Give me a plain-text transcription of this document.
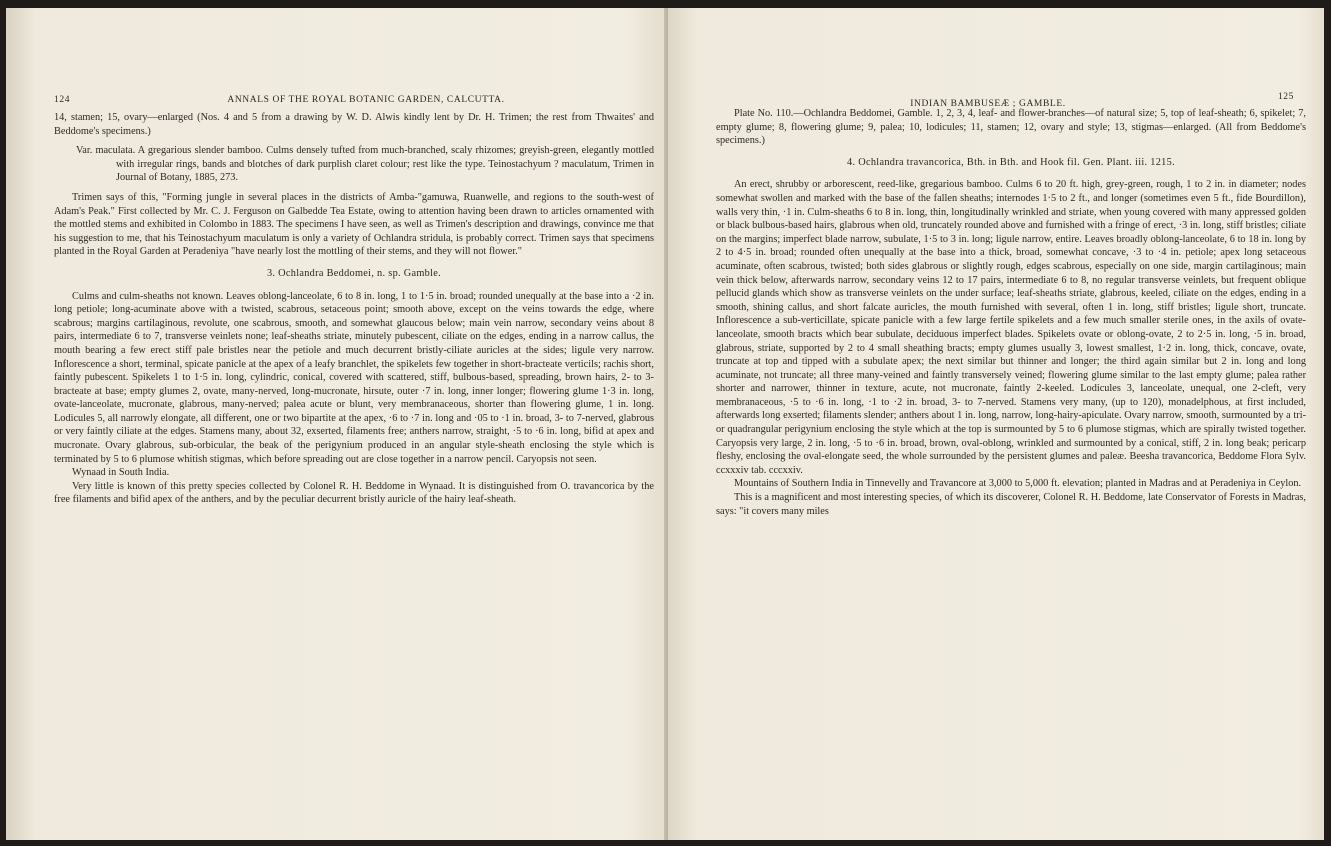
124	ANNALS OF THE ROYAL BOTANIC GARDEN, CALCUTTA.

14, stamen; 15, ovary—enlarged (Nos. 4 and 5 from a drawing by W. D. Alwis kindly lent by Dr. H. Trimen; the rest from Thwaites' and Beddome's specimens.)

Var. maculata. A gregarious slender bamboo. Culms densely tufted from much-branched, scaly rhizomes; greyish-green, elegantly mottled with irregular rings, bands and blotches of dark purplish claret colour; rest like the type. Teinostachyum ? maculatum, Trimen in Journal of Botany, 1885, 273.

Trimen says of this, "Forming jungle in several places in the districts of Amba-"gamuwa, Ruanwelle, and regions to the south-west of Adam's Peak." First collected by Mr. C. J. Ferguson on Galbedde Tea Estate, owing to attention having been drawn to articles ornamented with the mottled stems and exhibited in Colombo in 1883. The specimens I have seen, as well as Trimen's description and drawings, convince me that his suggestion to me, that his Teinostachyum maculatum is only a variety of Ochlandra stridula, is probably correct. Trimen says that specimens planted in the Royal Garden at Peradeniya "have nearly lost the mottling of their stems, and they will not flower."

3. Ochlandra Beddomei, n. sp. Gamble.

Culms and culm-sheaths not known. Leaves oblong-lanceolate, 6 to 8 in. long, 1 to 1·5 in. broad; rounded unequally at the base into a ·2 in. long petiole; long-acuminate above with a twisted, scabrous, setaceous point; smooth above, except on the veins towards the edge, where scabrous; margins cartilaginous, revolute, one scabrous, smooth, and somewhat glaucous below; main vein narrow, secondary veins about 8 pairs, intermediate 6 to 7, transverse veinlets none; leaf-sheaths striate, minutely pubescent, ciliate on the edges, ending in a narrow callus, the mouth bearing a few erect stiff pale bristles near the petiole and much decurrent bristly-ciliate auricles at the sides; ligule very narrow. Inflorescence a short, terminal, spicate panicle at the apex of a leafy branchlet, the spikelets few together in short-bracteate verticils; rachis short, faintly pubescent. Spikelets 1 to 1·5 in. long, cylindric, conical, covered with scattered, stiff, bulbous-based, spreading, brown hairs, 2- to 3- bracteate at base; empty glumes 2, ovate, many-nerved, long-mucronate, hirsute, outer ·7 in. long, inner longer; flowering glume 1·3 in. long, ovate-lanceolate, mucronate, glabrous, many-nerved; palea acute or blunt, very membranaceous, shorter than flowering glume, 1 in. long. Lodicules 5, all narrowly elongate, all different, one or two bipartite at the apex, ·6 to ·7 in. long and ·05 to ·1 in. broad, 3- to 7-nerved, glabrous or very faintly ciliate at the edges. Stamens many, about 32, exserted, filaments free; anthers narrow, straight, ·5 to ·6 in. long, bifid at apex and mucronate. Ovary glabrous, sub-orbicular, the beak of the perigynium produced in an angular style-sheath enclosing the style which is terminated by 5 to 6 plumose whitish stigmas, which before spreading out are close together in a narrow pencil. Caryopsis not seen.

Wynaad in South India.

Very little is known of this pretty species collected by Colonel R. H. Beddome in Wynaad. It is distinguished from O. travancorica by the free filaments and bifid apex of the anthers, and by the peculiar decurrent bristly auricle of the hairy leaf-sheath.

INDIAN BAMBUSEÆ ; GAMBLE.
125

Plate No. 110.—Ochlandra Beddomei, Gamble. 1, 2, 3, 4, leaf- and flower-branches—of natural size; 5, top of leaf-sheath; 6, spikelet; 7, empty glume; 8, flowering glume; 9, palea; 10, lodicules; 11, stamen; 12, ovary and style; 13, stigmas—enlarged. (All from Beddome's specimens.)

4. Ochlandra travancorica, Bth. in Bth. and Hook fil. Gen. Plant. iii. 1215.

An erect, shrubby or arborescent, reed-like, gregarious bamboo. Culms 6 to 20 ft. high, grey-green, rough, 1 to 2 in. in diameter; nodes somewhat swollen and marked with the base of the fallen sheaths; internodes 1·5 to 2 ft., and longer (sometimes even 5 ft., fide Bourdillon), walls very thin, ·1 in. Culm-sheaths 6 to 8 in. long, thin, longitudinally wrinkled and striate, when young covered with many appressed golden or black bulbous-based hairs, glabrous when old, truncately rounded above and furnished with a fringe of erect, ·3 in. long, stiff bristles; ciliate on the margins; imperfect blade narrow, subulate, 1·5 to 3 in. long; ligule narrow, entire. Leaves broadly oblong-lanceolate, 6 to 18 in. long by 2 to 4·5 in. broad; rounded often unequally at the base into a thick, broad, somewhat concave, ·3 to ·4 in. petiole; apex long setaceous acuminate, often scabrous, twisted; both sides glabrous or slightly rough, edges scabrous, especially on one side, margin cartilaginous; main vein thick below, afterwards narrow, secondary veins 12 to 17 pairs, intermediate 6 to 8, no regular transverse veinlets, but frequent oblique pellucid glands which show as transverse veinlets on the under surface; leaf-sheaths striate, glabrous, keeled, ciliate on the edges, ending in a smooth, shining callus, and short falcate auricles, the mouth furnished with several, often 1 in. long, stiff bristles; ligule short, truncate. Inflorescence a sub-verticillate, spicate panicle with a few large fertile spikelets and a few much smaller sterile ones, in the axils of ovate-lanceolate, smooth bracts which bear subulate, deciduous imperfect blades. Spikelets ovate or oblong-ovate, 2 to 2·5 in. long, ·5 in. broad, glabrous, striate, supported by 2 to 4 small sheathing bracts; empty glumes usually 3, lowest smallest, 1·2 in. long, thick, concave, ovate, truncate at top and tipped with a subulate apex; the next similar but thinner and longer; the third again similar but 2 in. long and long acuminate, not truncate; all three many-veined and faintly transversely veined; flowering glume similar to the last empty glume; palea rather shorter and narrower, thinner in texture, acute, not mucronate, faintly 2-keeled. Lodicules 3, lanceolate, unequal, one 2-cleft, very membranaceous, ·5 to ·6 in. long, ·1 to ·2 in. broad, 3- to 7-nerved. Stamens very many, (up to 120), monadelphous, at first included, afterwards long exserted; filaments slender; anthers about 1 in. long, narrow, long-hairy-apiculate. Ovary narrow, smooth, surmounted by a tri- or quadrangular perigynium enclosing the style which at the top is surmounted by 5 to 6 plumose stigmas, which are spirally twisted together. Caryopsis very large, 2 in. long, ·5 to ·6 in. broad, brown, oval-oblong, wrinkled and surmounted by a conical, stiff, 2 in. long beak; pericarp fleshy, enclosing the oval-elongate seed, the whole surrounded by the persistent glumes and paleæ. Beesha travancorica, Beddome Flora Sylv. ccxxxiv tab. cccxxiv.

Mountains of Southern India in Tinnevelly and Travancore at 3,000 to 5,000 ft. elevation; planted in Madras and at Peradeniya in Ceylon.

This is a magnificent and most interesting species, of which its discoverer, Colonel R. H. Beddome, late Conservator of Forests in Madras, says: "it covers many miles
